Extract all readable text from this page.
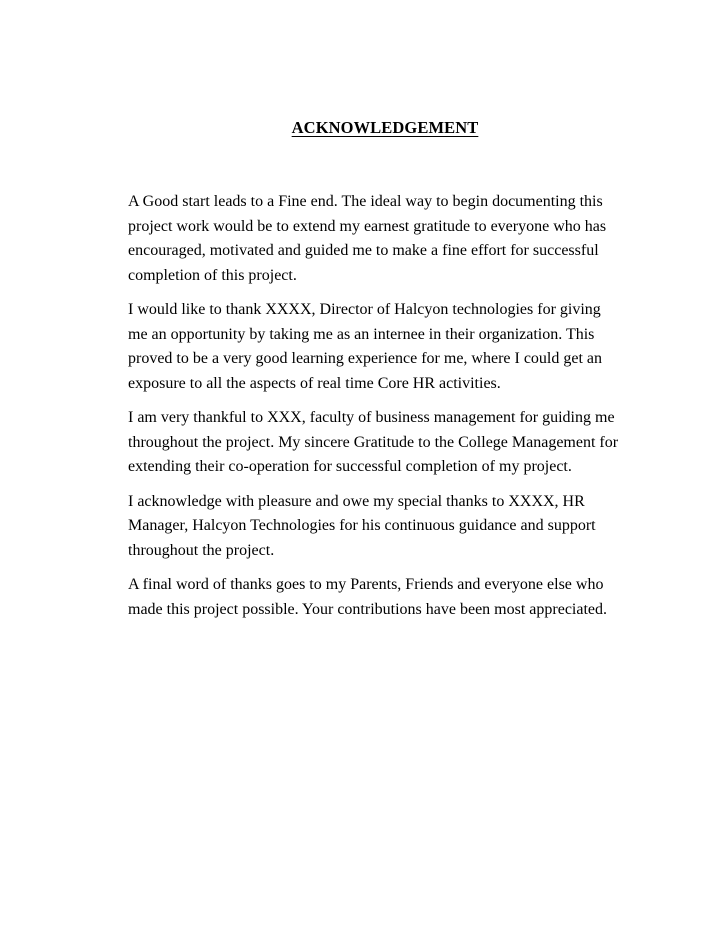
ACKNOWLEDGEMENT

A Good start leads to a Fine end. The ideal way to begin documenting this
project work would be to extend my earnest gratitude to everyone who has
encouraged, motivated and guided me to make a fine effort for successful
completion of this project.

I would like to thank XXXX, Director of Halcyon technologies for giving
me an opportunity by taking me as an internee in their organization. This
proved to be a very good learning experience for me, where I could get an
exposure to all the aspects of real time Core HR activities.

I am very thankful to XXX, faculty of business management for guiding me
throughout the project. My sincere Gratitude to the College Management for
extending their co-operation for successful completion of my project.

I acknowledge with pleasure and owe my special thanks to XXXX, HR
Manager, Halcyon Technologies for his continuous guidance and support
throughout the project.

A final word of thanks goes to my Parents, Friends and everyone else who
made this project possible. Your contributions have been most appreciated.
